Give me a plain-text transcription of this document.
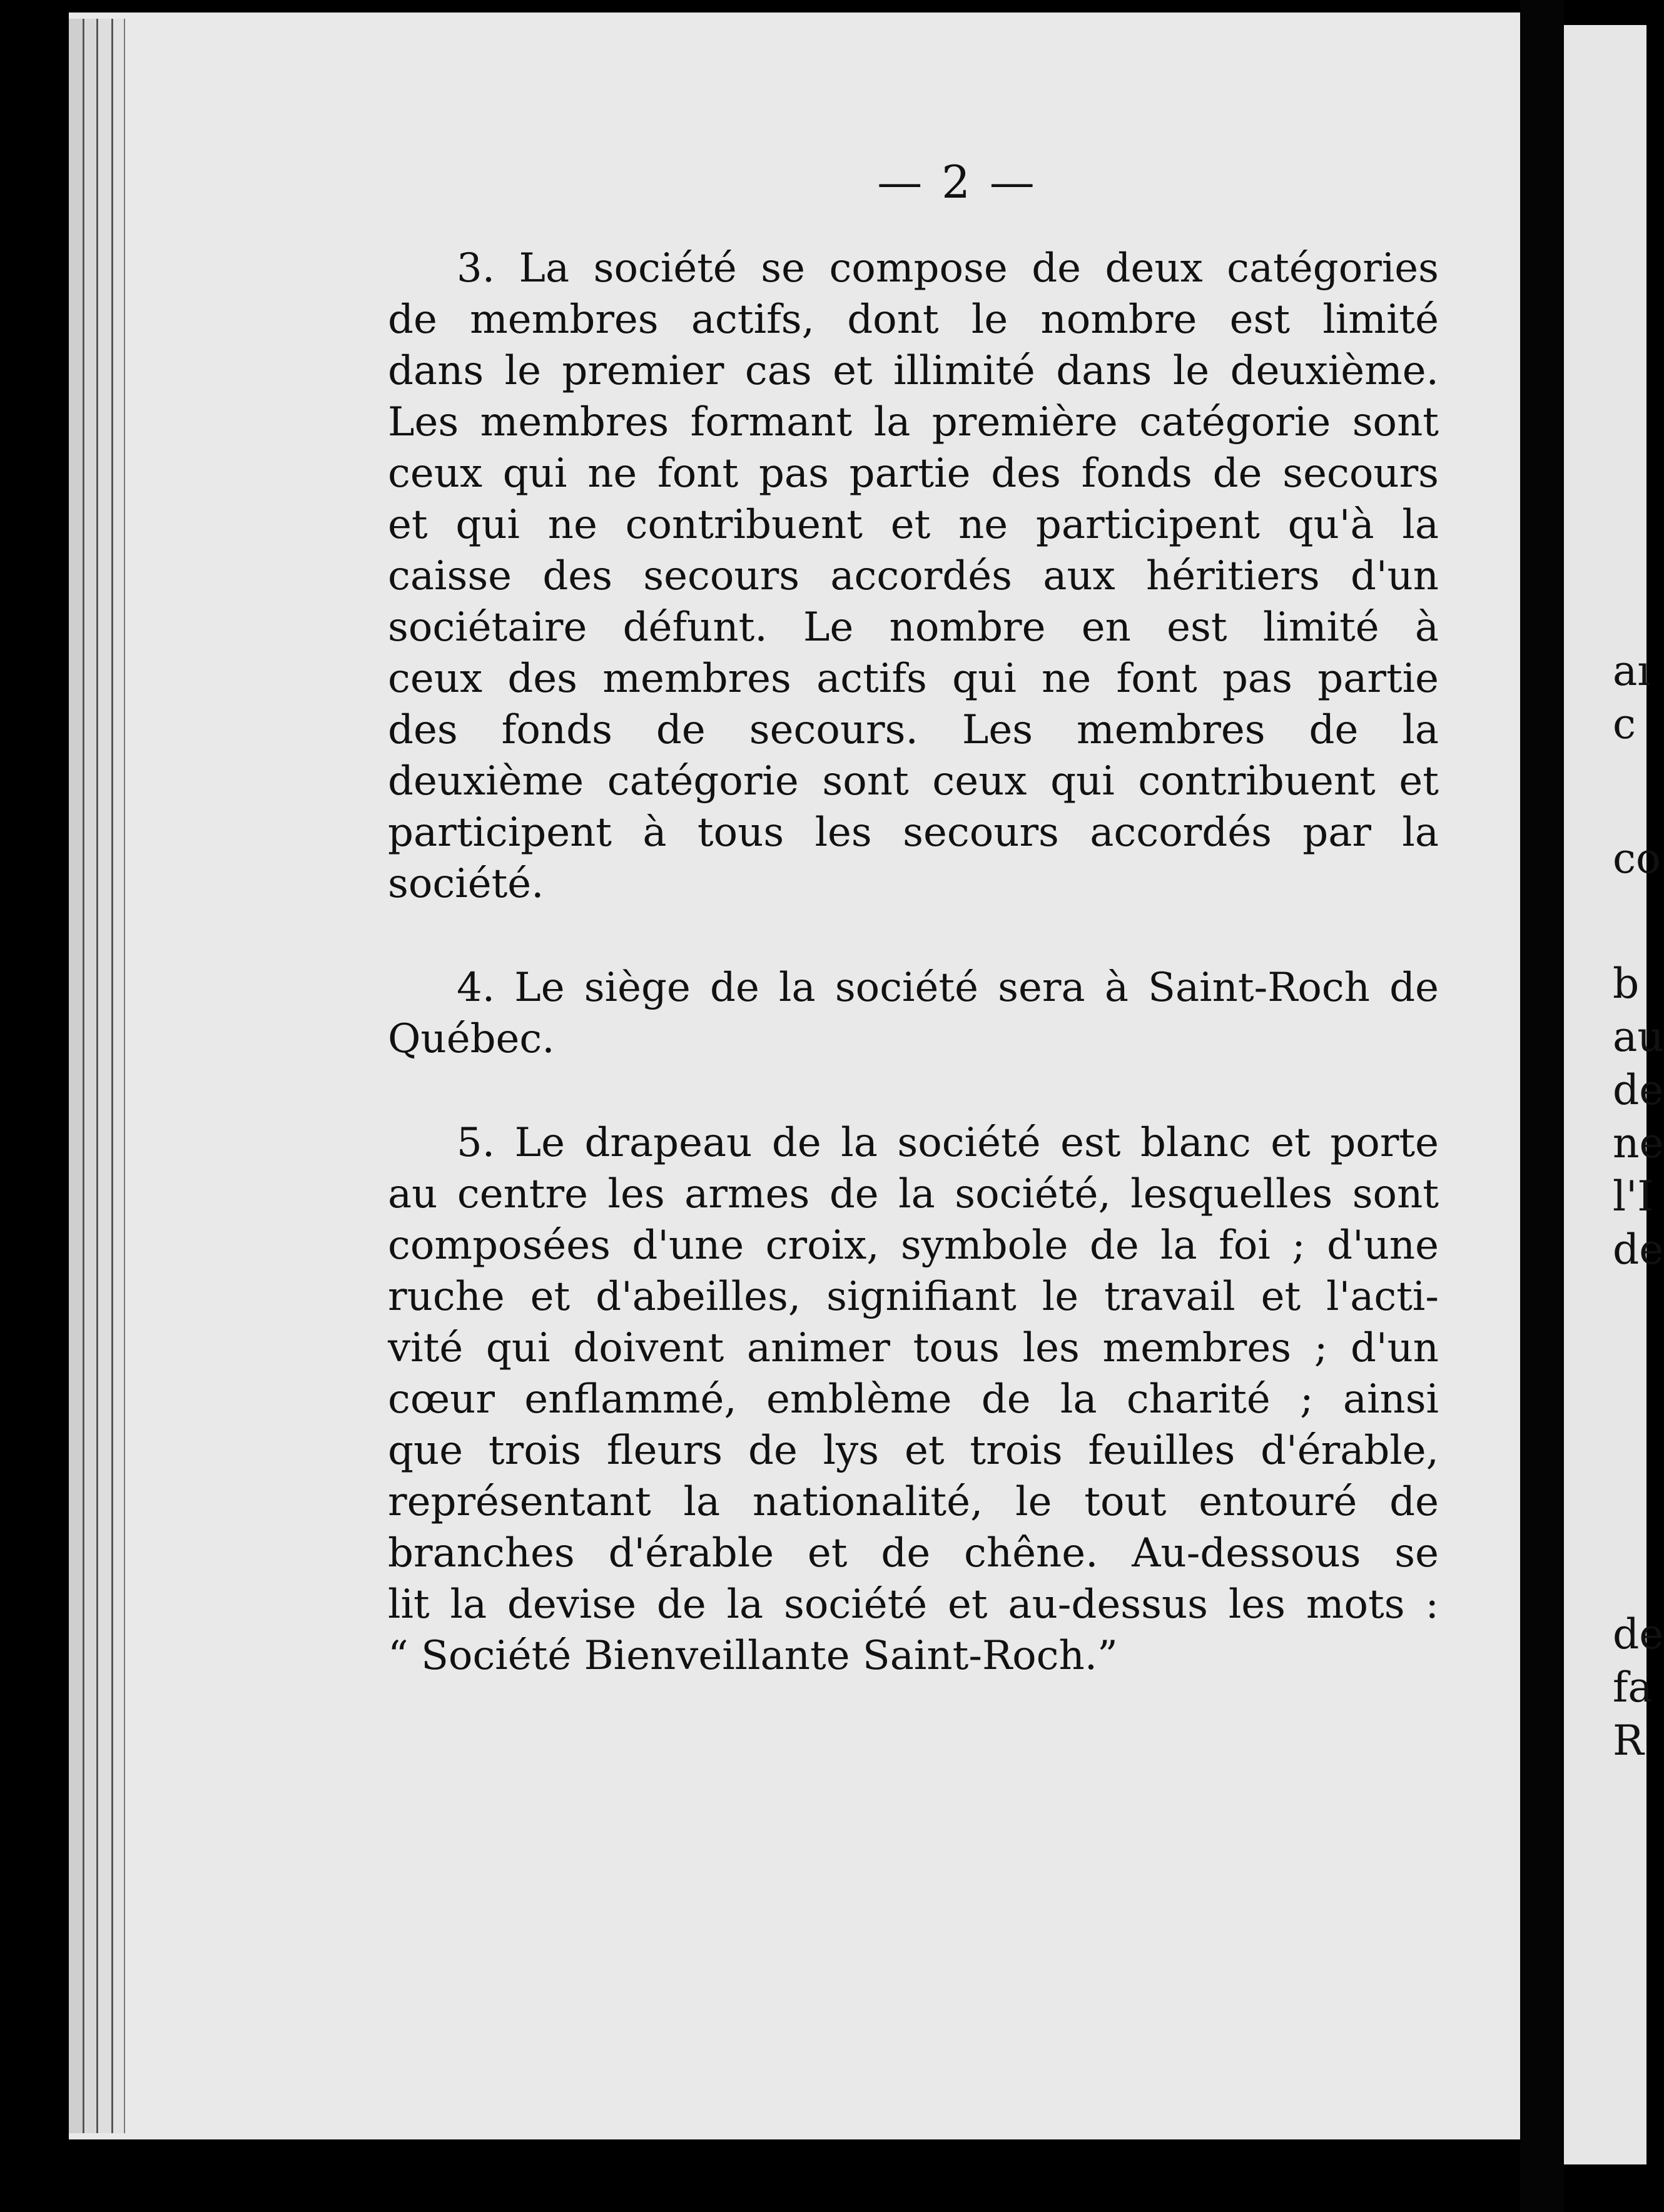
aı
c
co
b
au
de
ne
l'I
de
de
fa
R
— 2 —
3. La société se compose de deux catégories
de membres actifs, dont le nombre est limité
dans le premier cas et illimité dans le deuxième.
Les membres formant la première catégorie sont
ceux qui ne font pas partie des fonds de secours
et qui ne contribuent et ne participent qu'à la
caisse des secours accordés aux héritiers d'un
sociétaire défunt. Le nombre en est limité à
ceux des membres actifs qui ne font pas partie
des fonds de secours. Les membres de la
deuxième catégorie sont ceux qui contribuent et
participent à tous les secours accordés par la
société.
4. Le siège de la société sera à Saint-Roch de
Québec.
5. Le drapeau de la société est blanc et porte
au centre les armes de la société, lesquelles sont
composées d'une croix, symbole de la foi ; d'une
ruche et d'abeilles, signifiant le travail et l'acti-
vité qui doivent animer tous les membres ; d'un
cœur enflammé, emblème de la charité ; ainsi
que trois fleurs de lys et trois feuilles d'érable,
représentant la nationalité, le tout entouré de
branches d'érable et de chêne. Au-dessous se
lit la devise de la société et au-dessus les mots :
“ Société Bienveillante Saint-Roch.”
